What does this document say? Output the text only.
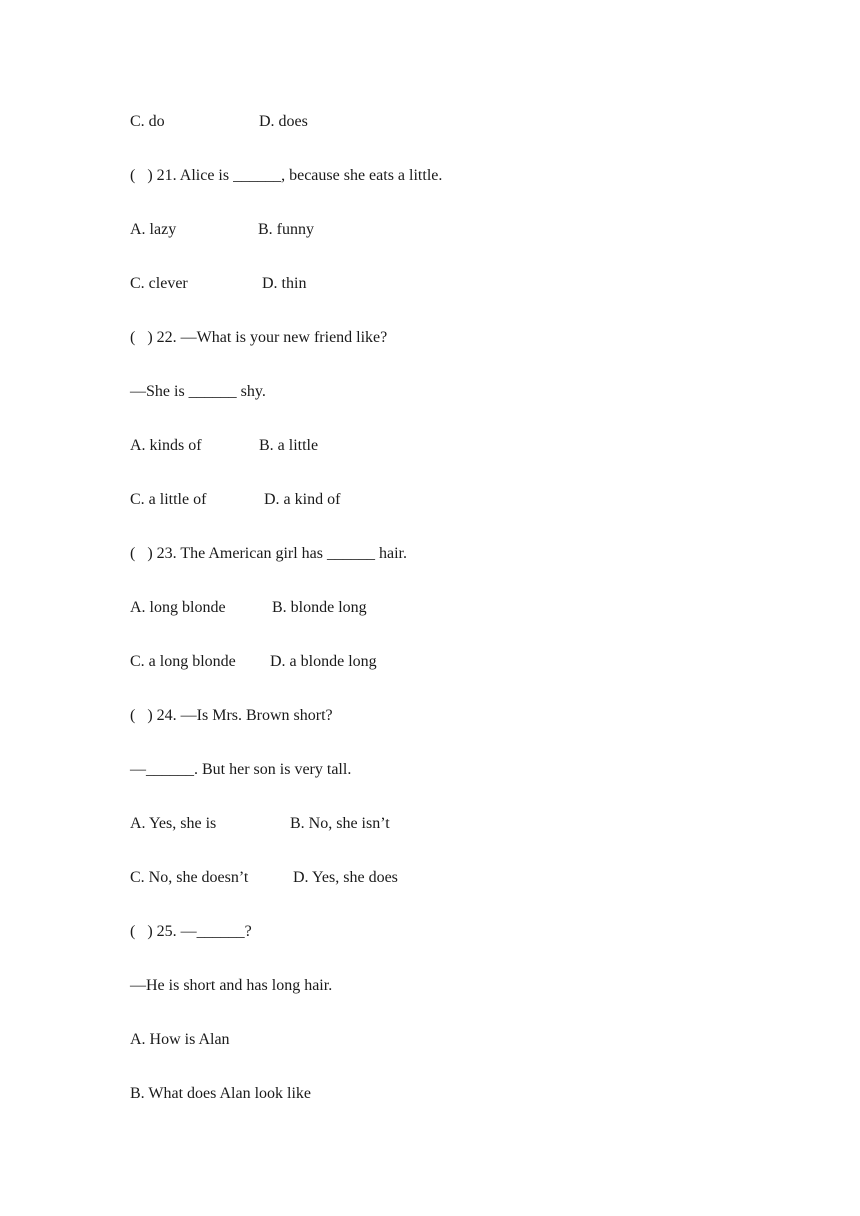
C. do

	D. does

(   ) 21. Alice is ______, because she eats a little.

A. lazy

	B. funny

C. clever

	D. thin

(   ) 22. —What is your new friend like?
—She is ______ shy.

A. kinds of

	B. a little

C. a little of

	D. a kind of

(   ) 23. The American girl has ______ hair.

A. long blonde

	B. blonde long

C. a long blonde

D. a blonde long

(   ) 24. —Is Mrs. Brown short?
—______. But her son is very tall.

A. Yes, she is

	B. No, she isn’t

C. No, she doesn’t

	D. Yes, she does

(   ) 25. —______?
—He is short and has long hair.
A. How is Alan
B. What does Alan look like
